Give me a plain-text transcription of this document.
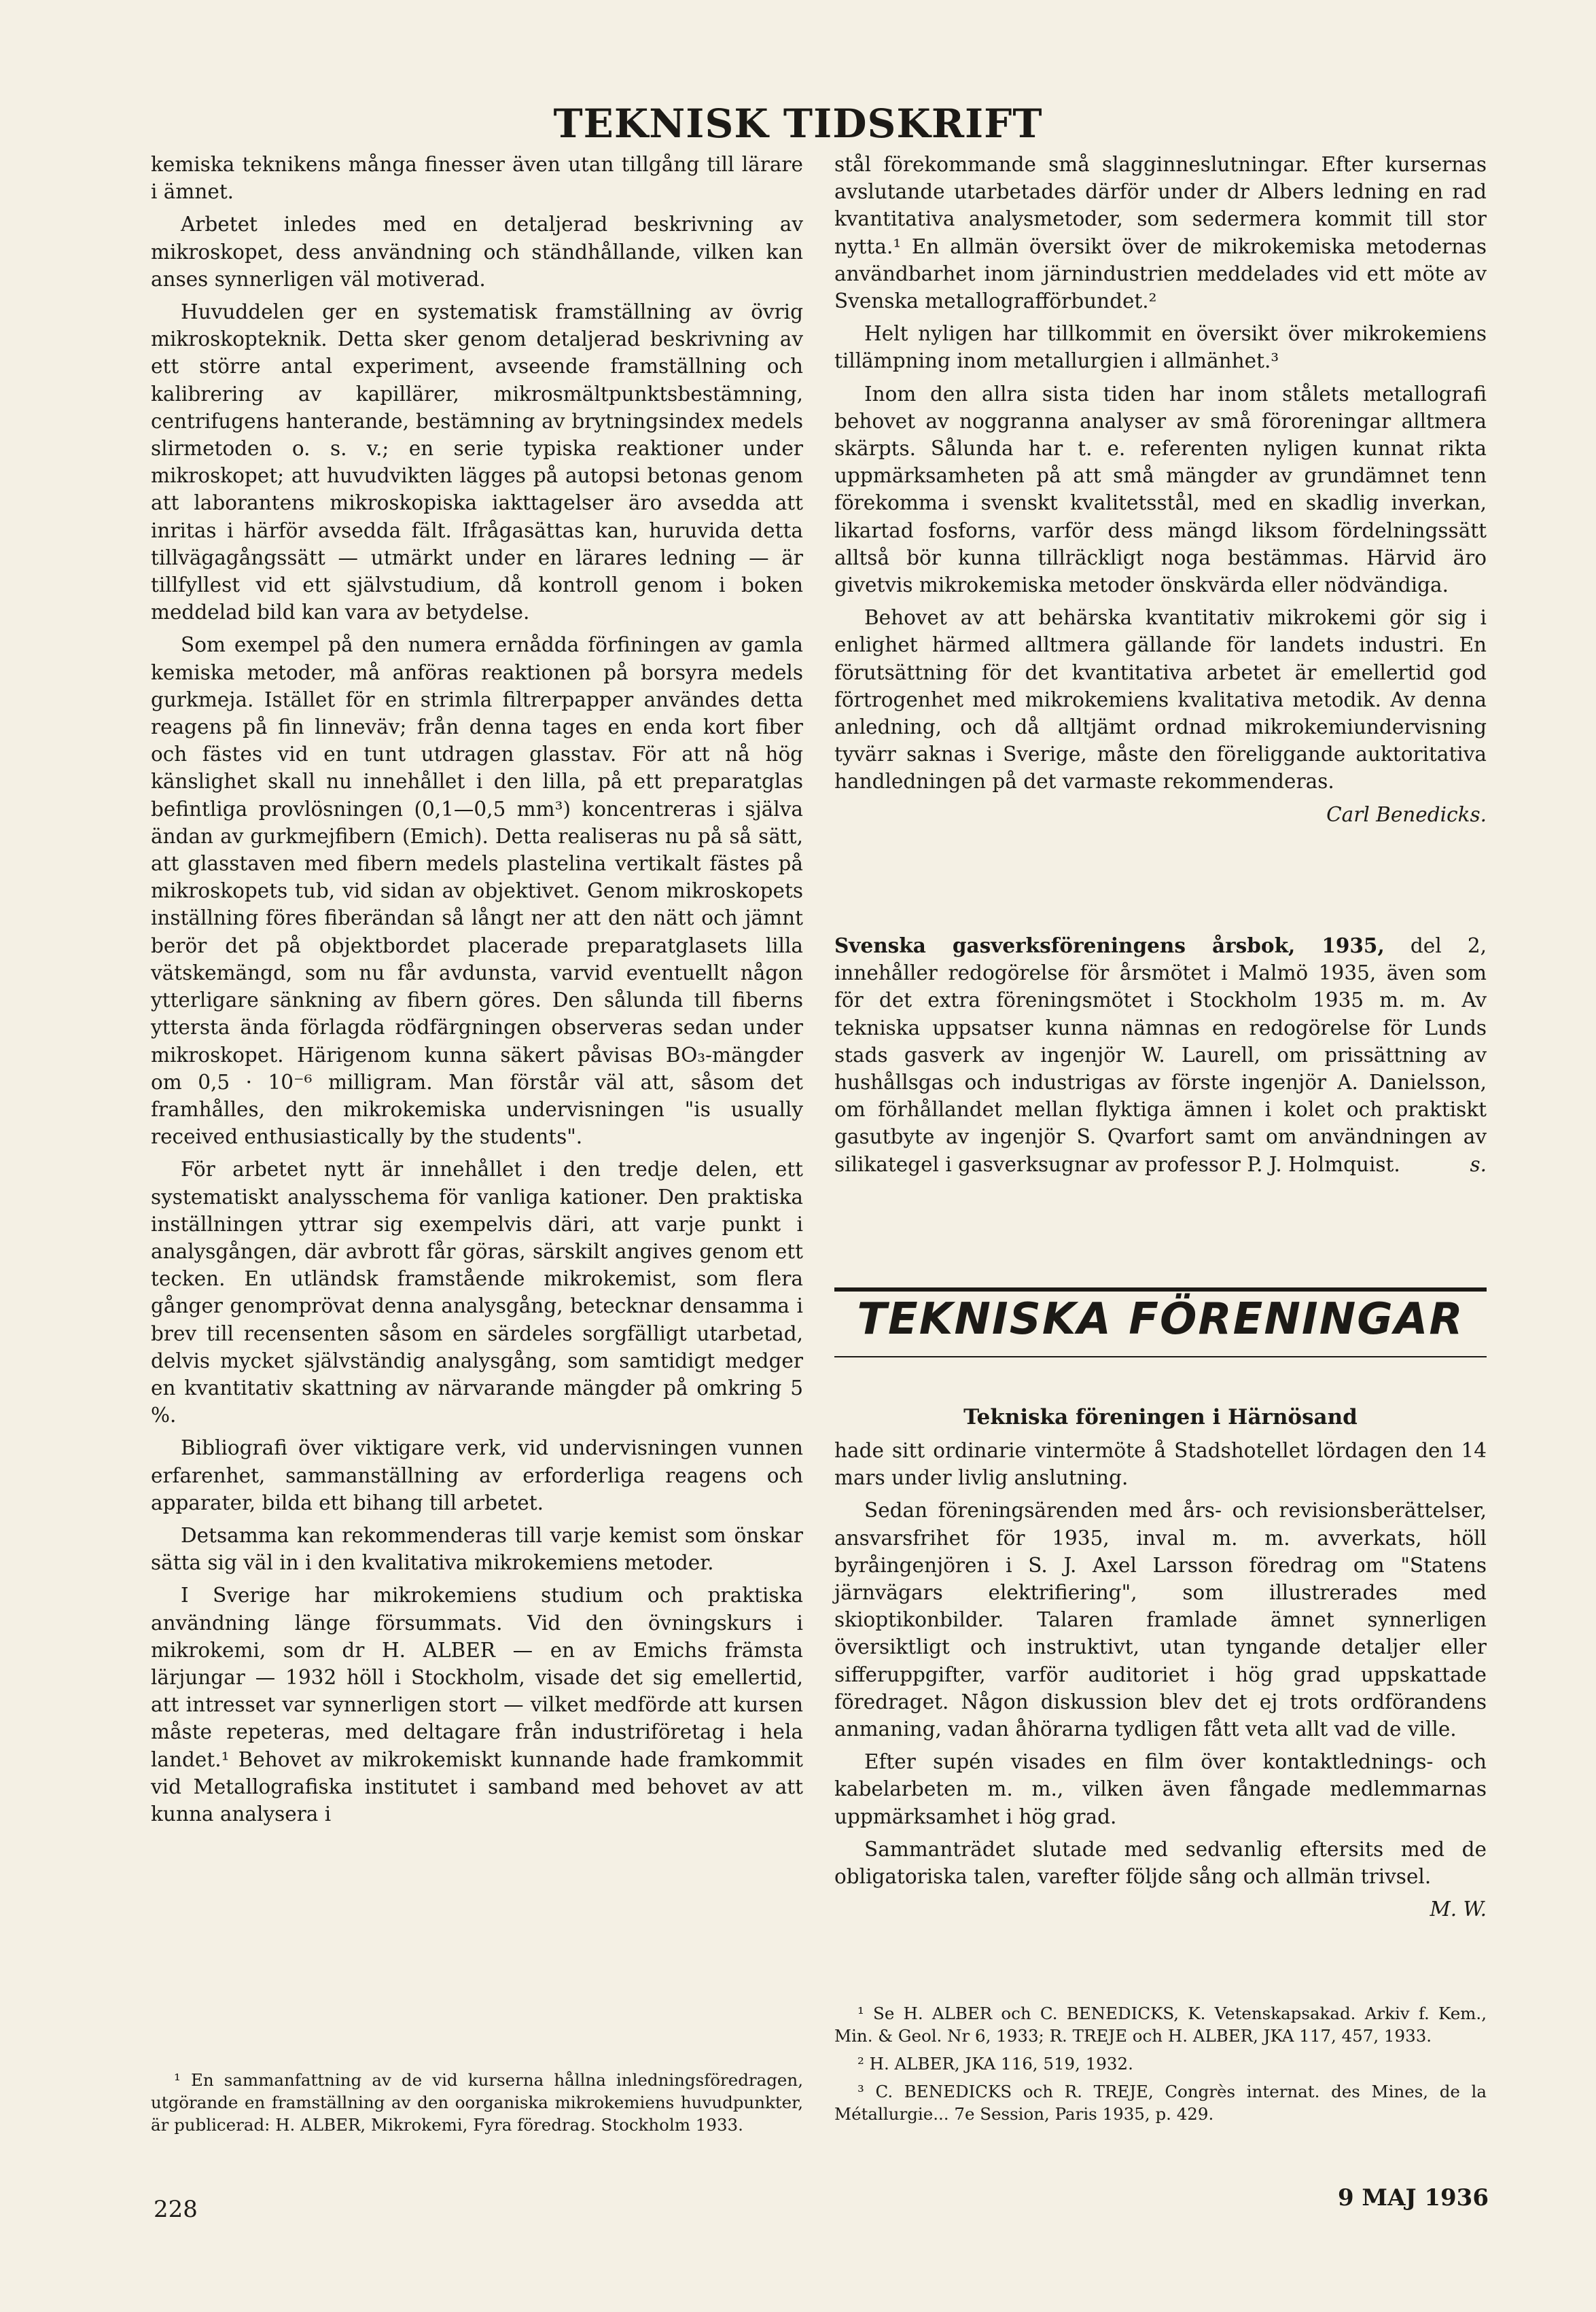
TEKNISK TIDSKRIFT

kemiska teknikens många finesser även utan tillgång till lärare i ämnet.

Arbetet inledes med en detaljerad beskrivning av mikroskopet, dess användning och ständhållande, vilken kan anses synnerligen väl motiverad.

Huvuddelen ger en systematisk framställning av övrig mikroskopteknik. Detta sker genom detaljerad beskrivning av ett större antal experiment, avseende framställning och kalibrering av kapillärer, mikrosmältpunktsbestämning, centrifugens hanterande, bestämning av brytningsindex medels slirmetoden o. s. v.; en serie typiska reaktioner under mikroskopet; att huvudvikten lägges på autopsi betonas genom att laborantens mikroskopiska iakttagelser äro avsedda att inritas i härför avsedda fält. Ifrågasättas kan, huruvida detta tillvägagångssätt — utmärkt under en lärares ledning — är tillfyllest vid ett självstudium, då kontroll genom i boken meddelad bild kan vara av betydelse.

Som exempel på den numera ernådda förfiningen av gamla kemiska metoder, må anföras reaktionen på borsyra medels gurkmeja. Istället för en strimla filtrerpapper användes detta reagens på fin linneväv; från denna tages en enda kort fiber och fästes vid en tunt utdragen glasstav. För att nå hög känslighet skall nu innehållet i den lilla, på ett preparatglas befintliga provlösningen (0,1—0,5 mm³) koncentreras i själva ändan av gurkmejfibern (Emich). Detta realiseras nu på så sätt, att glasstaven med fibern medels plastelina vertikalt fästes på mikroskopets tub, vid sidan av objektivet. Genom mikroskopets inställning föres fiberändan så långt ner att den nätt och jämnt berör det på objektbordet placerade preparatglasets lilla vätskemängd, som nu får avdunsta, varvid eventuellt någon ytterligare sänkning av fibern göres. Den sålunda till fiberns yttersta ända förlagda rödfärgningen observeras sedan under mikroskopet. Härigenom kunna säkert påvisas BO₃-mängder om 0,5 · 10⁻⁶ milligram. Man förstår väl att, såsom det framhålles, den mikrokemiska undervisningen "is usually received enthusiastically by the students".

För arbetet nytt är innehållet i den tredje delen, ett systematiskt analysschema för vanliga kationer. Den praktiska inställningen yttrar sig exempelvis däri, att varje punkt i analysgången, där avbrott får göras, särskilt angives genom ett tecken. En utländsk framstående mikrokemist, som flera gånger genomprövat denna analysgång, betecknar densamma i brev till recensenten såsom en särdeles sorgfälligt utarbetad, delvis mycket självständig analysgång, som samtidigt medger en kvantitativ skattning av närvarande mängder på omkring 5 %.

Bibliografi över viktigare verk, vid undervisningen vunnen erfarenhet, sammanställning av erforderliga reagens och apparater, bilda ett bihang till arbetet.

Detsamma kan rekommenderas till varje kemist som önskar sätta sig väl in i den kvalitativa mikrokemiens metoder.

I Sverige har mikrokemiens studium och praktiska användning länge försummats. Vid den övningskurs i mikrokemi, som dr H. ALBER — en av Emichs främsta lärjungar — 1932 höll i Stockholm, visade det sig emellertid, att intresset var synnerligen stort — vilket medförde att kursen måste repeteras, med deltagare från industriföretag i hela landet.¹ Behovet av mikrokemiskt kunnande hade framkommit vid Metallografiska institutet i samband med behovet av att kunna analysera i

¹ En sammanfattning av de vid kurserna hållna inledningsföredragen, utgörande en framställning av den oorganiska mikrokemiens huvudpunkter, är publicerad: H. ALBER, Mikrokemi, Fyra föredrag. Stockholm 1933.

stål förekommande små slagginneslutningar. Efter kursernas avslutande utarbetades därför under dr Albers ledning en rad kvantitativa analysmetoder, som sedermera kommit till stor nytta.¹ En allmän översikt över de mikrokemiska metodernas användbarhet inom järnindustrien meddelades vid ett möte av Svenska metallografförbundet.²

Helt nyligen har tillkommit en översikt över mikrokemiens tillämpning inom metallurgien i allmänhet.³

Inom den allra sista tiden har inom stålets metallografi behovet av noggranna analyser av små föroreningar alltmera skärpts. Sålunda har t. e. referenten nyligen kunnat rikta uppmärksamheten på att små mängder av grundämnet tenn förekomma i svenskt kvalitetsstål, med en skadlig inverkan, likartad fosforns, varför dess mängd liksom fördelningssätt alltså bör kunna tillräckligt noga bestämmas. Härvid äro givetvis mikrokemiska metoder önskvärda eller nödvändiga.

Behovet av att behärska kvantitativ mikrokemi gör sig i enlighet härmed alltmera gällande för landets industri. En förutsättning för det kvantitativa arbetet är emellertid god förtrogenhet med mikrokemiens kvalitativa metodik. Av denna anledning, och då alltjämt ordnad mikrokemiundervisning tyvärr saknas i Sverige, måste den föreliggande auktoritativa handledningen på det varmaste rekommenderas.

Carl Benedicks.

Svenska gasverksföreningens årsbok, 1935, del 2, innehåller redogörelse för årsmötet i Malmö 1935, även som för det extra föreningsmötet i Stockholm 1935 m. m. Av tekniska uppsatser kunna nämnas en redogörelse för Lunds stads gasverk av ingenjör W. Laurell, om prissättning av hushållsgas och industrigas av förste ingenjör A. Danielsson, om förhållandet mellan flyktiga ämnen i kolet och praktiskt gasutbyte av ingenjör S. Qvarfort samt om användningen av silikategel i gasverksugnar av professor P. J. Holmquist.	s.

TEKNISKA FÖRENINGAR
Tekniska föreningen i Härnösand

hade sitt ordinarie vintermöte å Stadshotellet lördagen den 14 mars under livlig anslutning.

Sedan föreningsärenden med års- och revisionsberättelser, ansvarsfrihet för 1935, inval m. m. avverkats, höll byråingenjören i S. J. Axel Larsson föredrag om "Statens järnvägars elektrifiering", som illustrerades med skioptikonbilder. Talaren framlade ämnet synnerligen översiktligt och instruktivt, utan tyngande detaljer eller sifferuppgifter, varför auditoriet i hög grad uppskattade föredraget. Någon diskussion blev det ej trots ordförandens anmaning, vadan åhörarna tydligen fått veta allt vad de ville.

Efter supén visades en film över kontaktlednings- och kabelarbeten m. m., vilken även fångade medlemmarnas uppmärksamhet i hög grad.

Sammanträdet slutade med sedvanlig eftersits med de obligatoriska talen, varefter följde sång och allmän trivsel.

M. W.

¹ Se H. ALBER och C. BENEDICKS, K. Vetenskapsakad. Arkiv f. Kem., Min. & Geol. Nr 6, 1933; R. TREJE och H. ALBER, JKA 117, 457, 1933.

² H. ALBER, JKA 116, 519, 1932.

³ C. BENEDICKS och R. TREJE, Congrès internat. des Mines, de la Métallurgie... 7e Session, Paris 1935, p. 429.

228	9 MAJ 1936
